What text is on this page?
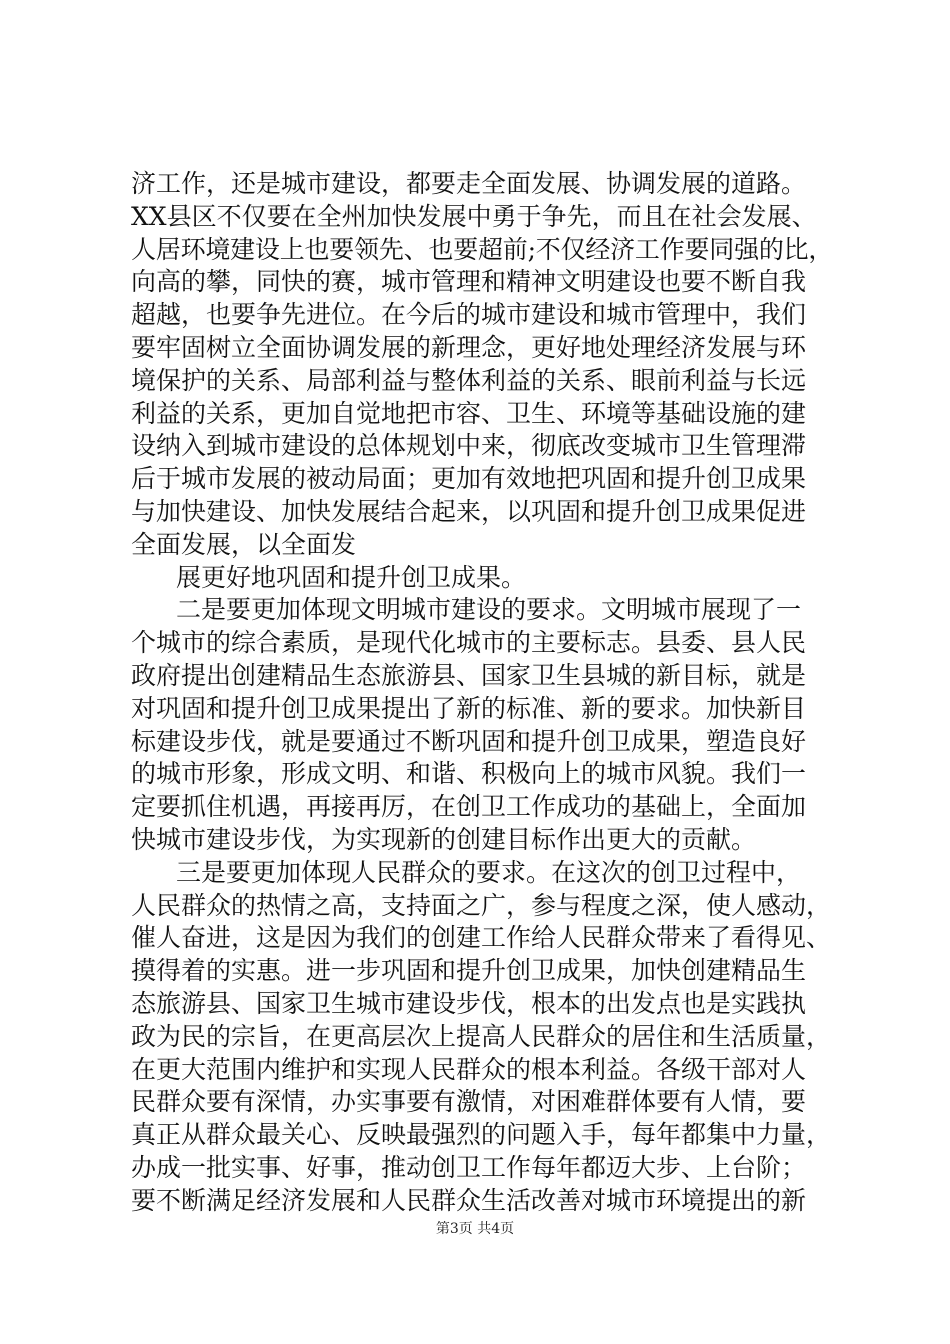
济工作，还是城市建设，都要走全面发展、协调发展的道路。
XX县区不仅要在全州加快发展中勇于争先，而且在社会发展、
人居环境建设上也要领先、也要超前;不仅经济工作要同强的比，
向高的攀，同快的赛，城市管理和精神文明建设也要不断自我
超越，也要争先进位。在今后的城市建设和城市管理中，我们
要牢固树立全面协调发展的新理念，更好地处理经济发展与环
境保护的关系、局部利益与整体利益的关系、眼前利益与长远
利益的关系，更加自觉地把市容、卫生、环境等基础设施的建
设纳入到城市建设的总体规划中来，彻底改变城市卫生管理滞
后于城市发展的被动局面；更加有效地把巩固和提升创卫成果
与加快建设、加快发展结合起来，以巩固和提升创卫成果促进
全面发展，以全面发
展更好地巩固和提升创卫成果。
二是要更加体现文明城市建设的要求。文明城市展现了一
个城市的综合素质，是现代化城市的主要标志。县委、县人民
政府提出创建精品生态旅游县、国家卫生县城的新目标，就是
对巩固和提升创卫成果提出了新的标准、新的要求。加快新目
标建设步伐，就是要通过不断巩固和提升创卫成果，塑造良好
的城市形象，形成文明、和谐、积极向上的城市风貌。我们一
定要抓住机遇，再接再厉，在创卫工作成功的基础上，全面加
快城市建设步伐，为实现新的创建目标作出更大的贡献。
三是要更加体现人民群众的要求。在这次的创卫过程中，
人民群众的热情之高，支持面之广，参与程度之深，使人感动，
催人奋进，这是因为我们的创建工作给人民群众带来了看得见、
摸得着的实惠。进一步巩固和提升创卫成果，加快创建精品生
态旅游县、国家卫生城市建设步伐，根本的出发点也是实践执
政为民的宗旨，在更高层次上提高人民群众的居住和生活质量，
在更大范围内维护和实现人民群众的根本利益。各级干部对人
民群众要有深情，办实事要有激情，对困难群体要有人情，要
真正从群众最关心、反映最强烈的问题入手，每年都集中力量，
办成一批实事、好事，推动创卫工作每年都迈大步、上台阶；
要不断满足经济发展和人民群众生活改善对城市环境提出的新
第3页 共4页
